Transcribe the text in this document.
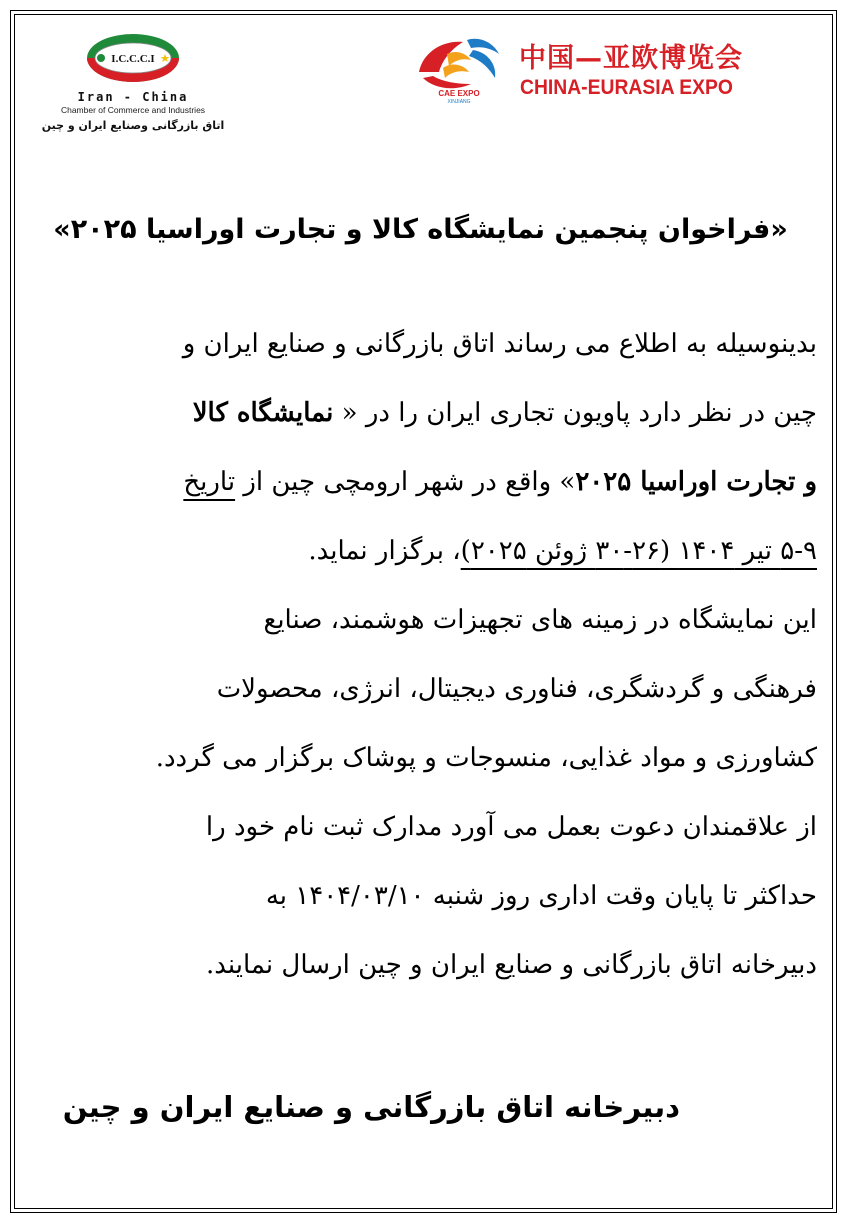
I.C.C.C.I
Iran - China
Chamber of Commerce and Industries
اتاق بازرگانی وصنایع ایران و چین
CAE EXPO
XINJIANG
中国—亚欧博览会
CHINA-EURASIA EXPO
«فراخوان پنجمین نمایشگاه کالا و تجارت اوراسیا ۲۰۲۵»
بدینوسیله به اطلاع می رساند اتاق بازرگانی و صنایع ایران و
چین در نظر دارد پاویون تجاری ایران را در « نمایشگاه کالا
و تجارت اوراسیا ۲۰۲۵» واقع در شهر ارومچی چین از تاریخ
۵-۹ تیر ۱۴۰۴ (۲۶-۳۰ ژوئن ۲۰۲۵)، برگزار نماید.
این نمایشگاه در زمینه های تجهیزات هوشمند، صنایع
فرهنگی و گردشگری، فناوری دیجیتال، انرژی، محصولات
کشاورزی و مواد غذایی، منسوجات و پوشاک برگزار می گردد.
از علاقمندان دعوت بعمل می آورد مدارک ثبت نام خود را
حداکثر تا پایان وقت اداری روز شنبه ۱۴۰۴/۰۳/۱۰ به
دبیرخانه اتاق بازرگانی و صنایع ایران و چین ارسال نمایند.
دبیرخانه اتاق بازرگانی و صنایع ایران و چین
